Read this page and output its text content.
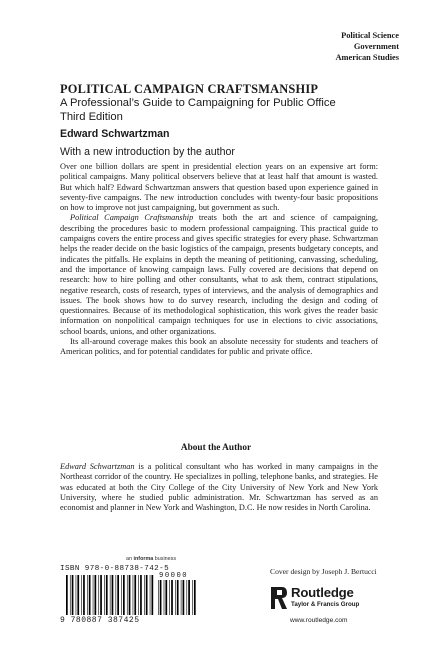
Political Science
Government
American Studies
POLITICAL CAMPAIGN CRAFTSMANSHIP
A Professional’s Guide to Campaigning for Public Office
Third Edition
Edward Schwartzman
With a new introduction by the author

Over one billion dollars are spent in presidential election years on an expensive art form: political campaigns. Many political observers believe that at least half that amount is wasted. But which half? Edward Schwartzman answers that question based upon experience gained in seventy-five campaigns. The new introduction concludes with twenty-four basic propositions on how to improve not just campaigning, but government as such.

Political Campaign Craftsmanship treats both the art and science of campaigning, describing the procedures basic to modern professional campaigning. This practical guide to campaigns covers the entire process and gives specific strategies for every phase. Schwartzman helps the reader decide on the basic logistics of the campaign, presents budgetary concepts, and indicates the pitfalls. He explains in depth the meaning of petitioning, canvassing, scheduling, and the importance of knowing campaign laws. Fully covered are decisions that depend on research: how to hire polling and other consultants, what to ask them, contract stipulations, negative research, costs of research, types of interviews, and the analysis of demographics and issues. The book shows how to do survey research, including the design and coding of questionnaires. Because of its methodological sophistication, this work gives the reader basic information on nonpolitical campaign techniques for use in elections to civic associations, school boards, unions, and other organizations.

Its all-around coverage makes this book an absolute necessity for students and teachers of American politics, and for potential candidates for public and private office.

About the Author

Edward Schwartzman is a political consultant who has worked in many campaigns in the Northeast corridor of the country. He specializes in polling, telephone banks, and strategies. He was educated at both the City College of the City University of New York and New York University, where he studied public administration. Mr. Schwartzman has served as an economist and planner in New York and Washington, D.C. He now resides in North Carolina.

an informa business
ISBN 978-0-88738-742-5
90000
9 780887 387425
Cover design by Joseph J. Bertucci
Routledge
Taylor & Francis Group
www.routledge.com
